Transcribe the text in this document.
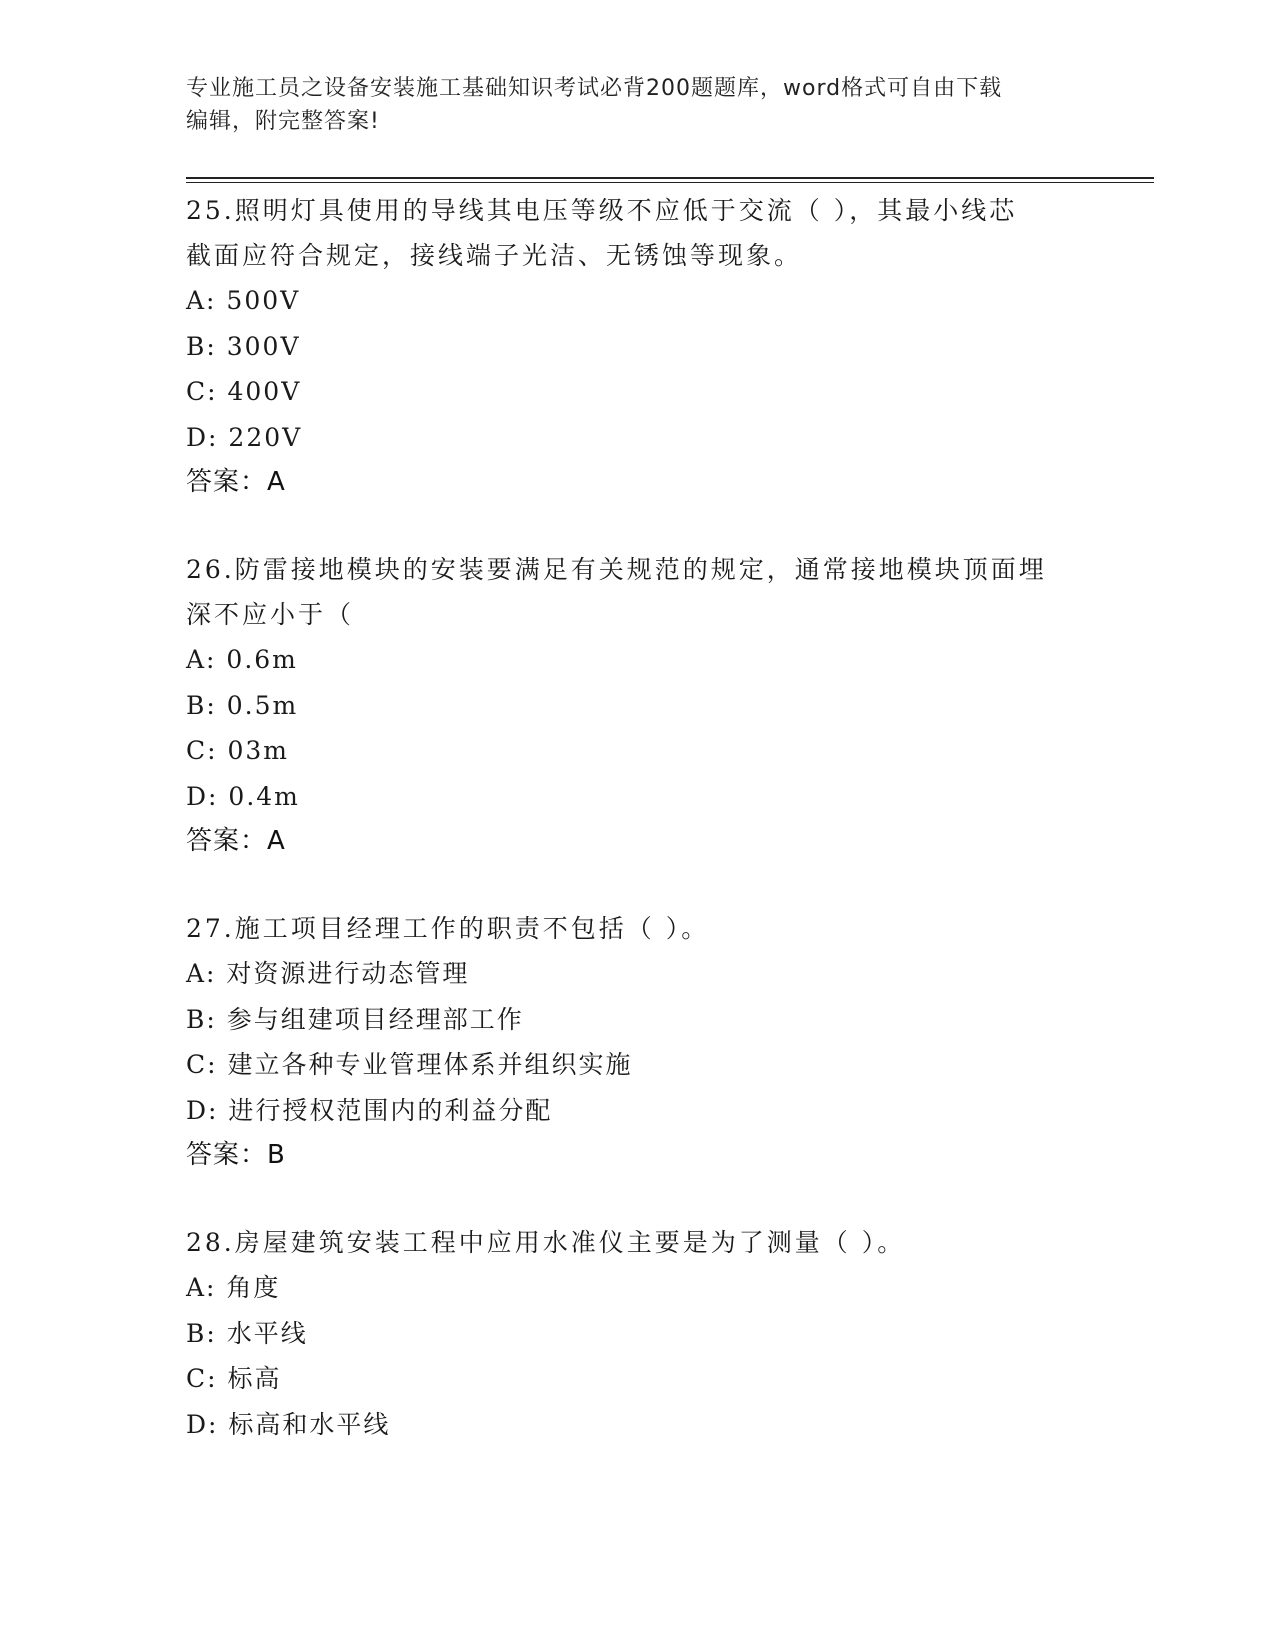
专业施工员之设备安装施工基础知识考试必背200题题库，word格式可自由下载
编辑，附完整答案!
25.照明灯具使用的导线其电压等级不应低于交流（ ），其最小线芯
截面应符合规定，接线端子光洁、无锈蚀等现象。
A: 500V
B: 300V
C: 400V
D: 220V
答案：A
26.防雷接地模块的安装要满足有关规范的规定，通常接地模块顶面埋
深不应小于（
A: 0.6m
B: 0.5m
C: 03m
D: 0.4m
答案：A
27.施工项目经理工作的职责不包括（ ）。
A: 对资源进行动态管理
B: 参与组建项目经理部工作
C: 建立各种专业管理体系并组织实施
D: 进行授权范围内的利益分配
答案：B
28.房屋建筑安装工程中应用水准仪主要是为了测量（ ）。
A: 角度
B: 水平线
C: 标高
D: 标高和水平线
